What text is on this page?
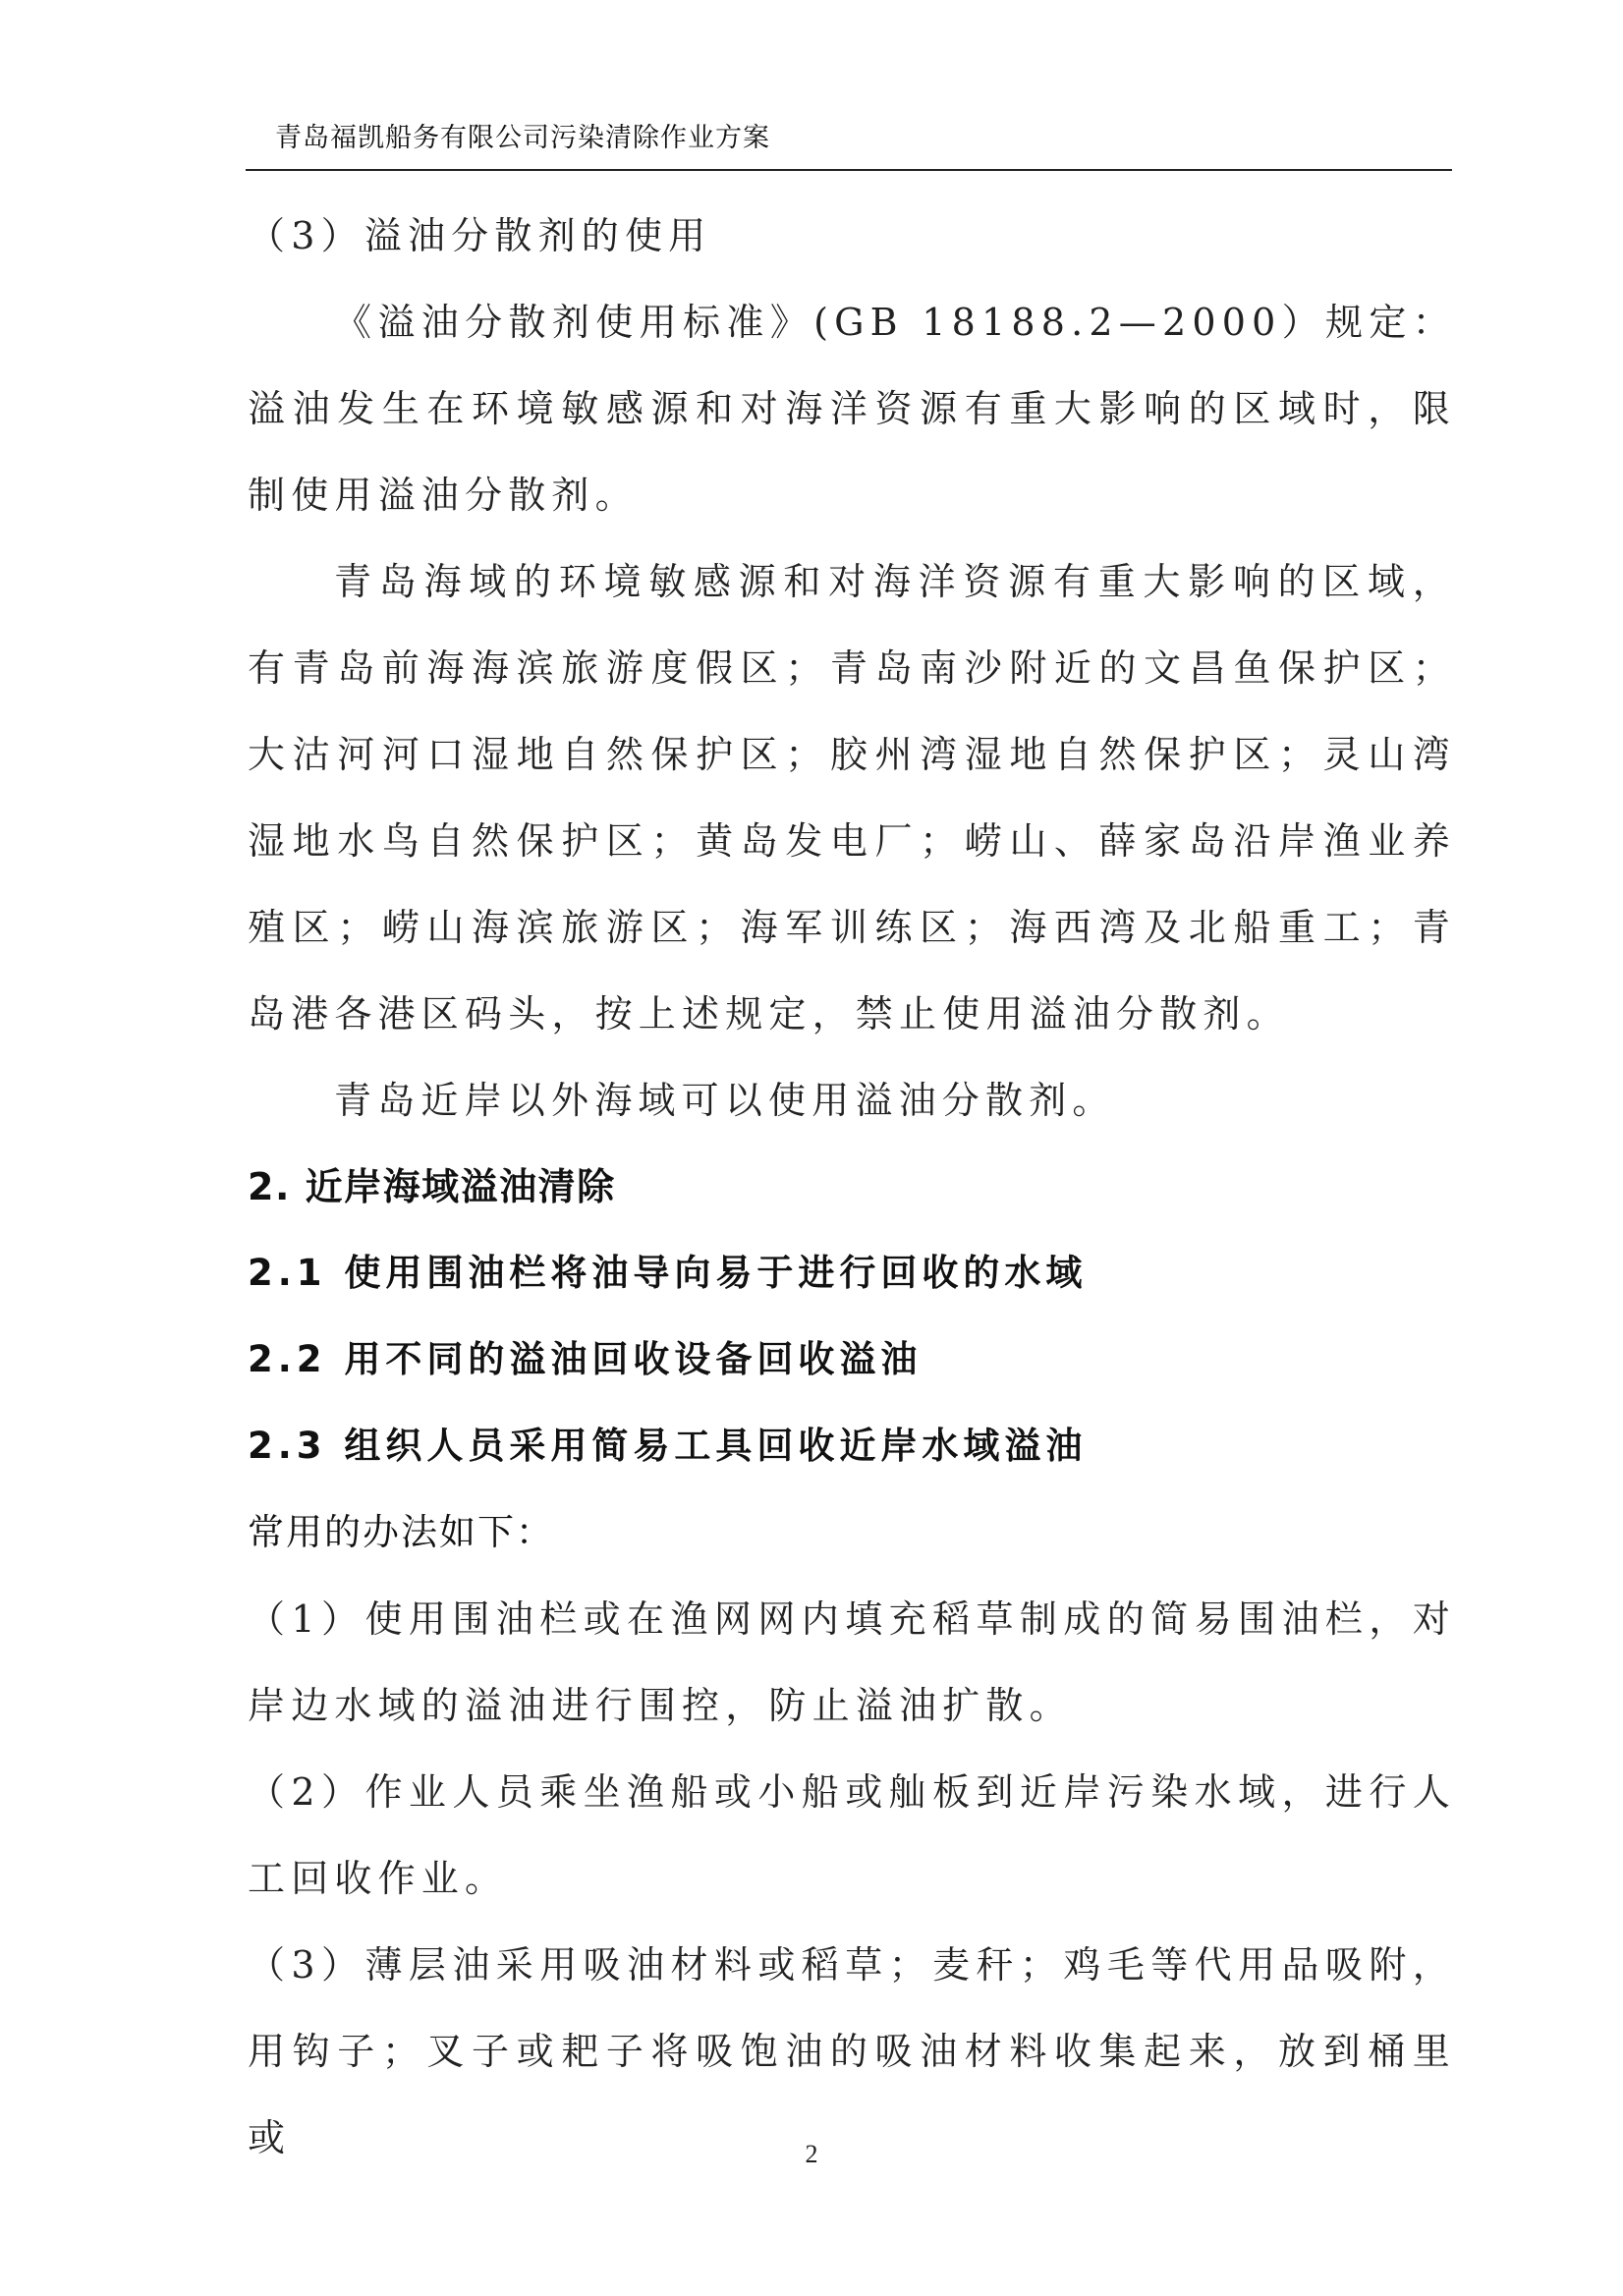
青岛福凯船务有限公司污染清除作业方案

（3）溢油分散剂的使用

《溢油分散剂使用标准》(GB 18188.2—2000）规定：溢油发生在环境敏感源和对海洋资源有重大影响的区域时，限制使用溢油分散剂。

青岛海域的环境敏感源和对海洋资源有重大影响的区域，有青岛前海海滨旅游度假区；青岛南沙附近的文昌鱼保护区；大沽河河口湿地自然保护区；胶州湾湿地自然保护区；灵山湾湿地水鸟自然保护区；黄岛发电厂；崂山、薛家岛沿岸渔业养殖区；崂山海滨旅游区；海军训练区；海西湾及北船重工；青岛港各港区码头，按上述规定，禁止使用溢油分散剂。

青岛近岸以外海域可以使用溢油分散剂。

2. 近岸海域溢油清除

2.1 使用围油栏将油导向易于进行回收的水域

2.2 用不同的溢油回收设备回收溢油

2.3 组织人员采用简易工具回收近岸水域溢油

常用的办法如下：

（1）使用围油栏或在渔网网内填充稻草制成的简易围油栏，对岸边水域的溢油进行围控，防止溢油扩散。

（2）作业人员乘坐渔船或小船或舢板到近岸污染水域，进行人工回收作业。

（3）薄层油采用吸油材料或稻草；麦秆；鸡毛等代用品吸附，用钩子；叉子或耙子将吸饱油的吸油材料收集起来，放到桶里或	2
